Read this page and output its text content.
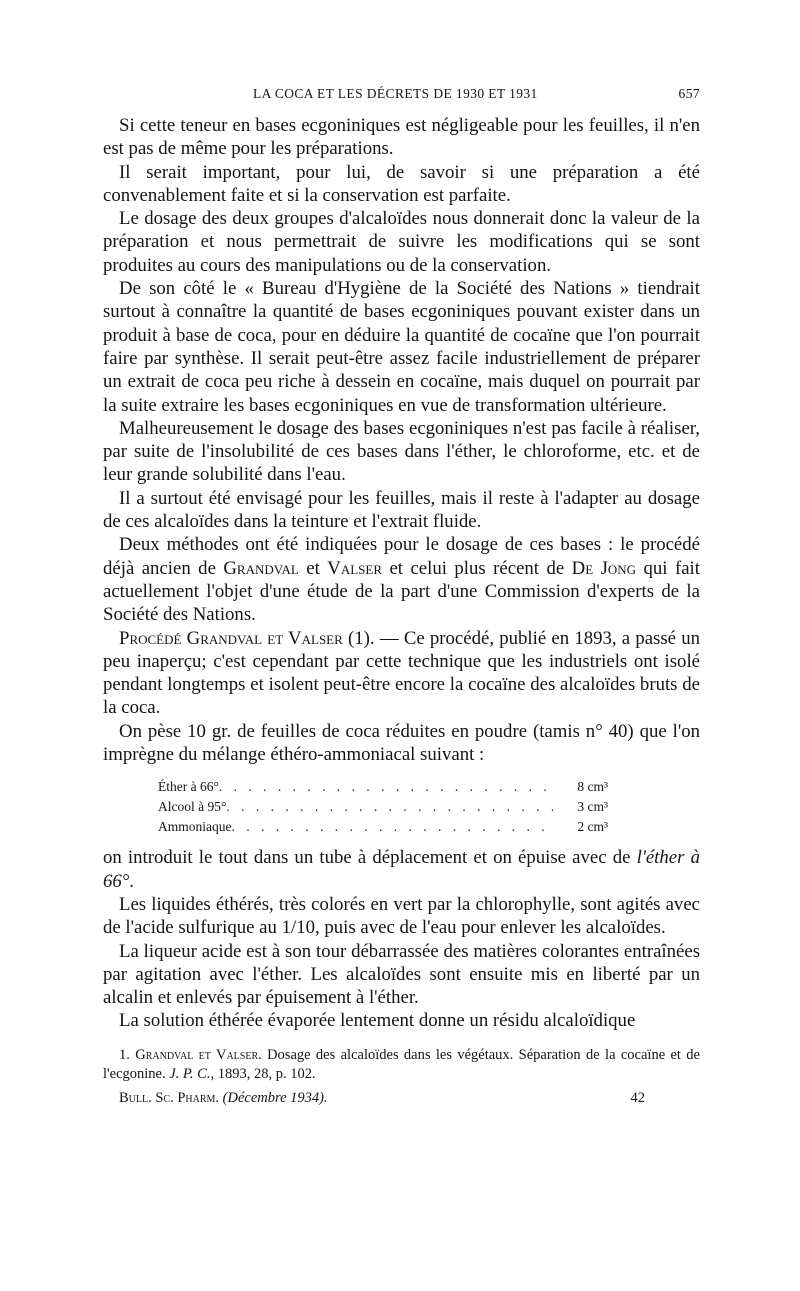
LA COCA ET LES DÉCRETS DE 1930 ET 1931	657

Si cette teneur en bases ecgoniniques est négligeable pour les feuilles, il n'en est pas de même pour les préparations.

Il serait important, pour lui, de savoir si une préparation a été convenablement faite et si la conservation est parfaite.

Le dosage des deux groupes d'alcaloïdes nous donnerait donc la valeur de la préparation et nous permettrait de suivre les modifications qui se sont produites au cours des manipulations ou de la conservation.

De son côté le « Bureau d'Hygiène de la Société des Nations » tiendrait surtout à connaître la quantité de bases ecgoniniques pouvant exister dans un produit à base de coca, pour en déduire la quantité de cocaïne que l'on pourrait faire par synthèse. Il serait peut-être assez facile industriellement de préparer un extrait de coca peu riche à dessein en cocaïne, mais duquel on pourrait par la suite extraire les bases ecgoniniques en vue de transformation ultérieure.

Malheureusement le dosage des bases ecgoniniques n'est pas facile à réaliser, par suite de l'insolubilité de ces bases dans l'éther, le chloroforme, etc. et de leur grande solubilité dans l'eau.

Il a surtout été envisagé pour les feuilles, mais il reste à l'adapter au dosage de ces alcaloïdes dans la teinture et l'extrait fluide.

Deux méthodes ont été indiquées pour le dosage de ces bases : le procédé déjà ancien de Grandval et Valser et celui plus récent de De Jong qui fait actuellement l'objet d'une étude de la part d'une Commission d'experts de la Société des Nations.

Procédé Grandval et Valser (1). — Ce procédé, publié en 1893, a passé un peu inaperçu; c'est cependant par cette technique que les industriels ont isolé pendant longtemps et isolent peut-être encore la cocaïne des alcaloïdes bruts de la coca.

On pèse 10 gr. de feuilles de coca réduites en poudre (tamis n° 40) que l'on imprègne du mélange éthéro-ammoniacal suivant :

Éther à 66° . . .	8 cm³
Alcool à 95° . . .	3 cm³
Ammoniaque . . .	2 cm³

on introduit le tout dans un tube à déplacement et on épuise avec de l'éther à 66°.

Les liquides éthérés, très colorés en vert par la chlorophylle, sont agités avec de l'acide sulfurique au 1/10, puis avec de l'eau pour enlever les alcaloïdes.

La liqueur acide est à son tour débarrassée des matières colorantes entraînées par agitation avec l'éther. Les alcaloïdes sont ensuite mis en liberté par un alcalin et enlevés par épuisement à l'éther.

La solution éthérée évaporée lentement donne un résidu alcaloïdique

1. Grandval et Valser. Dosage des alcaloïdes dans les végétaux. Séparation de la cocaïne et de l'ecgonine. J. P. C., 1893, 28, p. 102.

Bull. Sc. Pharm. (Décembre 1934).	42
